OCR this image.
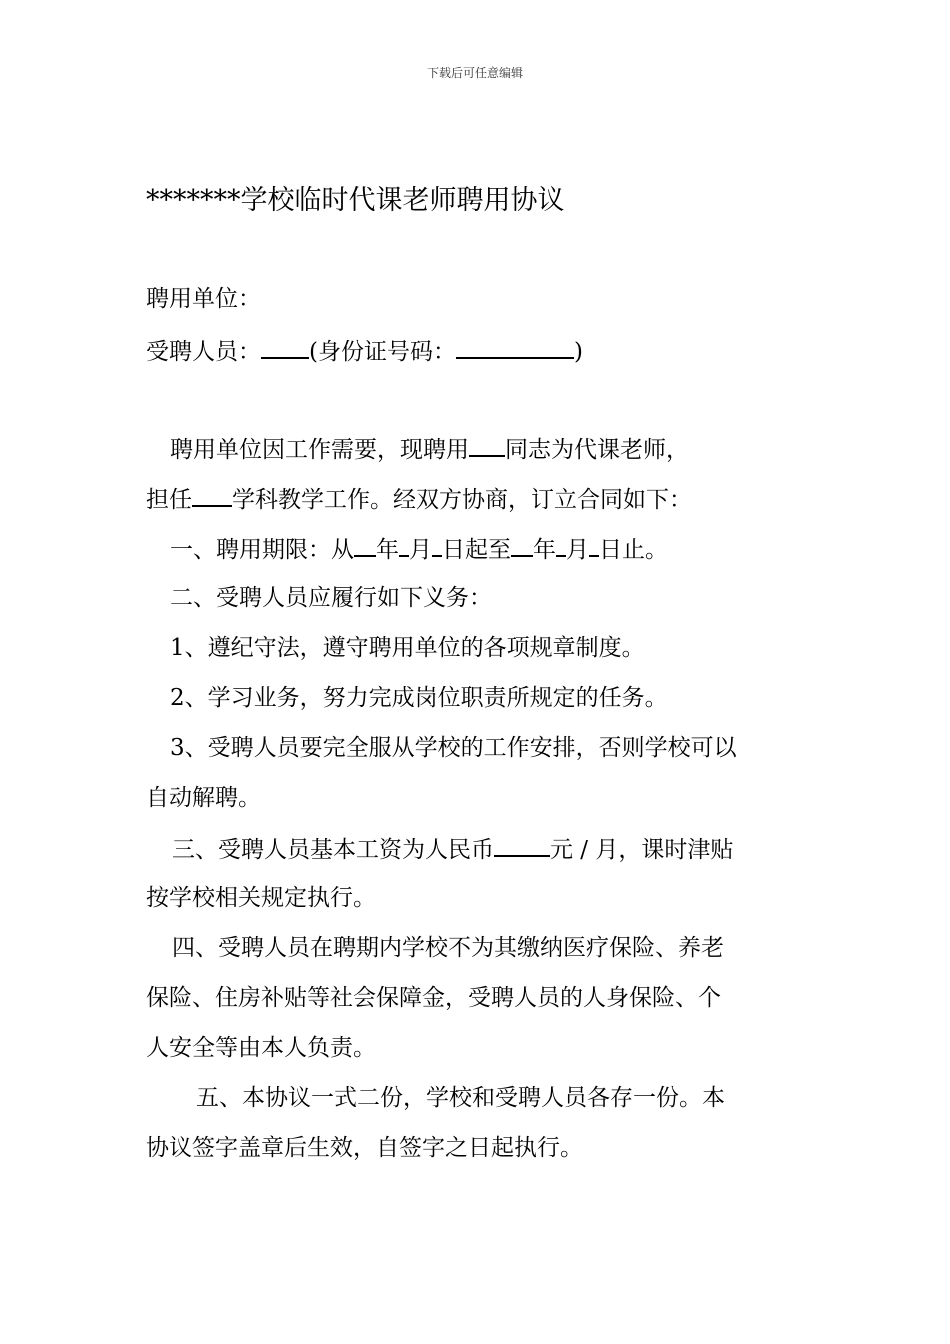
下载后可任意编辑
*******学校临时代课老师聘用协议
聘用单位：
受聘人员： (身份证号码：	)
聘用单位因工作需要，现聘用 同志为代课老师，
担任 学科教学工作。经双方协商，订立合同如下：
一、聘用期限：从 年 月 日起至 年 月 日止。
二、受聘人员应履行如下义务：
1、遵纪守法，遵守聘用单位的各项规章制度。
2、学习业务，努力完成岗位职责所规定的任务。
3、受聘人员要完全服从学校的工作安排，否则学校可以
自动解聘。
三、受聘人员基本工资为人民币 元 / 月，课时津贴
按学校相关规定执行。
四、受聘人员在聘期内学校不为其缴纳医疗保险、养老
保险、住房补贴等社会保障金，受聘人员的人身保险、个
人安全等由本人负责。
五、本协议一式二份，学校和受聘人员各存一份。本
协议签字盖章后生效，自签字之日起执行。
